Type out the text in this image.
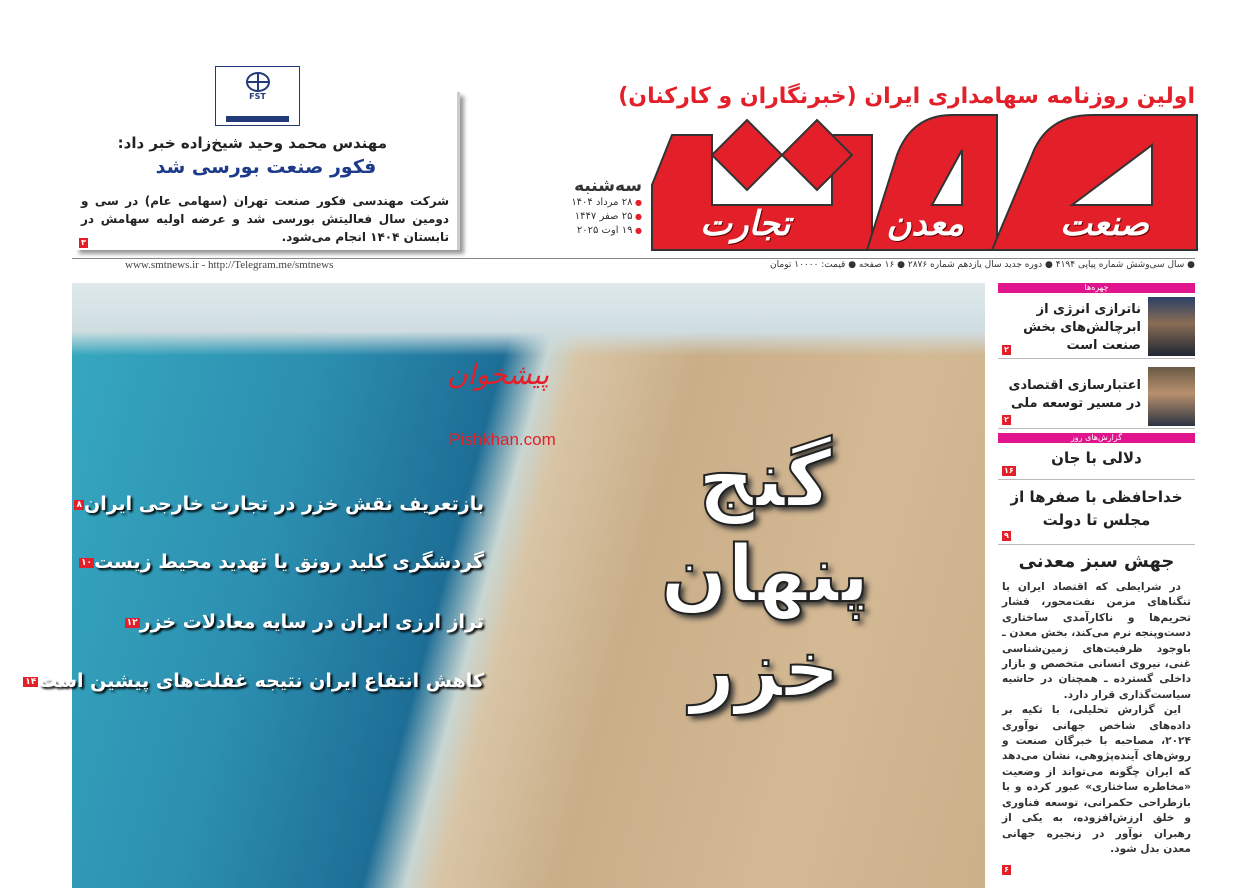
اولین روزنامه سهامداری ایران (خبرنگاران و کارکنان)
صنعت
معدن
تجارت
سه‌شنبه
● ۲۸ مرداد ۱۴۰۴
● ۲۵ صفر ۱۴۴۷
● ۱۹ اوت ۲۰۲۵
مهندس محمد وحید شیخ‌زاده خبر داد:
فکور صنعت بورسی شد
شرکت مهندسی فکور صنعت تهران (سهامی عام) در سی و دومین سال فعالیتش بورسی شد و عرضه اولیه سهامش در تابستان ۱۴۰۴ انجام می‌شود.
۳
FST
● سال سی‌وشش شماره پیاپی ۴۱۹۴ ● دوره جدید سال یازدهم شماره ۲۸۷۶ ● ۱۶ صفحه ● قیمت: ۱۰۰۰۰ تومان
www.smtnews.ir - http://Telegram.me/smtnews
پیشخوان
Pishkhan.com	گنج
پنهان
خزر
بازتعریف نقش خزر در تجارت خارجی ایران۸
گردشگری کلید رونق یا تهدید محیط زیست۱۰
تراز ارزی ایران در سایه معادلات خزر۱۲
کاهش انتفاع ایران نتیجه غفلت‌های پیشین است۱۴
چهره‌ها
ناترازی انرژی از ابرچالش‌های بخش صنعت است
۲
اعتبارسازی اقتصادی در مسیر توسعه ملی
۲
گزارش‌های روز
دلالی با جان
۱۶
خداحافظی با صفرها از مجلس تا دولت
۹
جهش سبز معدنی

در شرایطی که اقتصاد ایران با تنگناهای مزمن نفت‌محور، فشار تحریم‌ها و ناکارآمدی ساختاری دست‌وپنجه نرم می‌کند، بخش معدن ـ باوجود ظرفیت‌های زمین‌شناسی غنی، نیروی انسانی متخصص و بازار داخلی گسترده ـ همچنان در حاشیه سیاست‌گذاری قرار دارد.

این گزارش تحلیلی، با تکیه بر داده‌های شاخص جهانی نوآوری ۲۰۲۴، مصاحبه با خبرگان صنعت و روش‌های آینده‌پژوهی، نشان می‌دهد که ایران چگونه می‌تواند از وضعیت «مخاطره ساختاری» عبور کرده و با بازطراحی حکمرانی، توسعه فناوری و خلق ارزش‌افزوده، به یکی از رهبران نوآور در زنجیره جهانی معدن بدل شود.

۶
